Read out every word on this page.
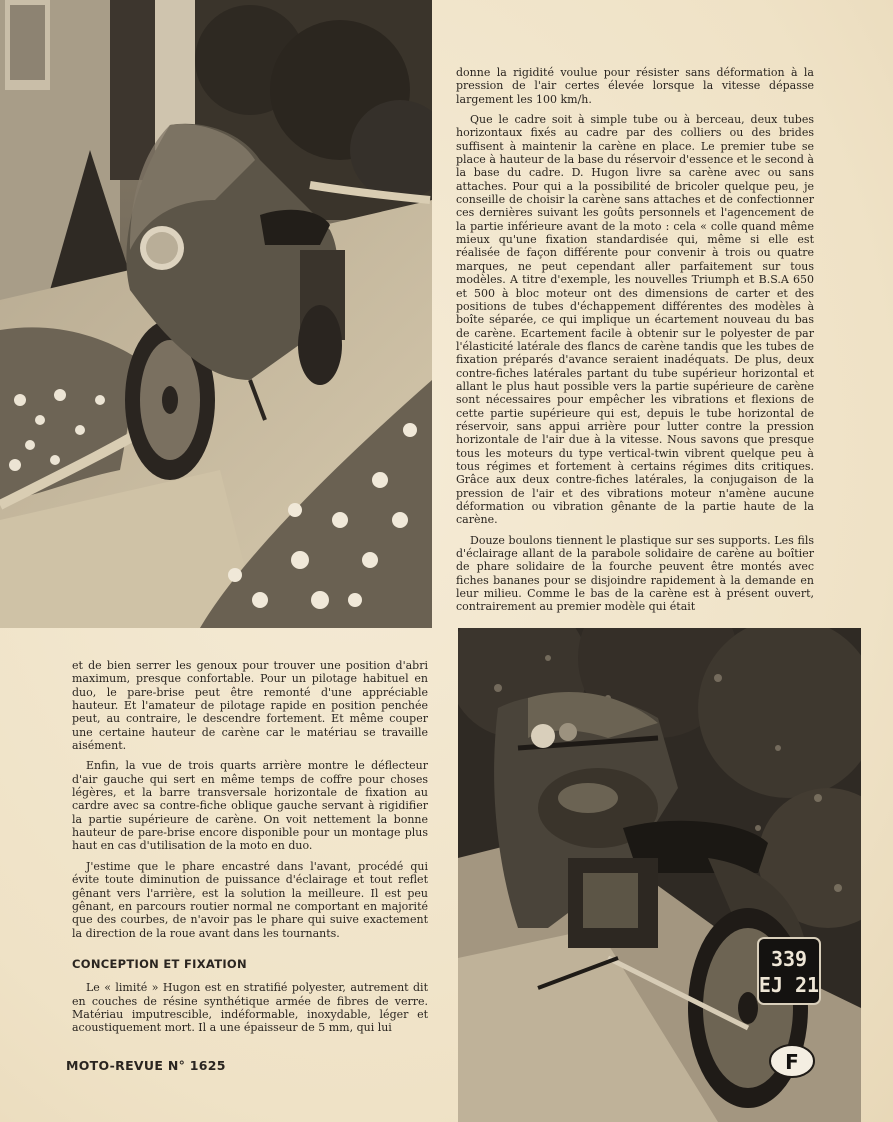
339
EJ 21
F

donne la rigidité voulue pour résister sans déformation à la pression de l'air certes élevée lorsque la vitesse dépasse largement les 100 km/h.

Que le cadre soit à simple tube ou à berceau, deux tubes horizontaux fixés au cadre par des colliers ou des brides suffisent à maintenir la carène en place. Le premier tube se place à hauteur de la base du réservoir d'essence et le second à la base du cadre. D. Hugon livre sa carène avec ou sans attaches. Pour qui a la possibilité de bricoler quelque peu, je conseille de choisir la carène sans attaches et de confectionner ces dernières suivant les goûts personnels et l'agencement de la partie inférieure avant de la moto : cela « colle quand même mieux qu'une fixation standardisée qui, même si elle est réalisée de façon différente pour convenir à trois ou quatre marques, ne peut cependant aller parfaitement sur tous modèles. A titre d'exemple, les nouvelles Triumph et B.S.A 650 et 500 à bloc moteur ont des dimensions de carter et des positions de tubes d'échappement différentes des modèles à boîte séparée, ce qui implique un écartement nouveau du bas de carène. Ecartement facile à obtenir sur le polyester de par l'élasticité latérale des flancs de carène tandis que les tubes de fixation préparés d'avance seraient inadéquats. De plus, deux contre-fiches latérales partant du tube supérieur horizontal et allant le plus haut possible vers la partie supérieure de carène sont nécessaires pour empêcher les vibrations et flexions de cette partie supérieure qui est, depuis le tube horizontal de réservoir, sans appui arrière pour lutter contre la pression horizontale de l'air due à la vitesse. Nous savons que presque tous les moteurs du type vertical-twin vibrent quelque peu à tous régimes et fortement à certains régimes dits critiques. Grâce aux deux contre-fiches latérales, la conjugaison de la pression de l'air et des vibrations moteur n'amène aucune déformation ou vibration gênante de la partie haute de la carène.

Douze boulons tiennent le plastique sur ses supports. Les fils d'éclairage allant de la parabole solidaire de carène au boîtier de phare solidaire de la fourche peuvent être montés avec fiches bananes pour se disjoindre rapidement à la demande en leur milieu. Comme le bas de la carène est à présent ouvert, contrairement au premier modèle qui était

et de bien serrer les genoux pour trouver une position d'abri maximum, presque confortable. Pour un pilotage habituel en duo, le pare-brise peut être remonté d'une appréciable hauteur. Et l'amateur de pilotage rapide en position penchée peut, au contraire, le descendre fortement. Et même couper une certaine hauteur de carène car le matériau se travaille aisément.

Enfin, la vue de trois quarts arrière montre le déflecteur d'air gauche qui sert en même temps de coffre pour choses légères, et la barre transversale horizontale de fixation au cardre avec sa contre-fiche oblique gauche servant à rigidifier la partie supérieure de carène. On voit nettement la bonne hauteur de pare-brise encore disponible pour un montage plus haut en cas d'utilisation de la moto en duo.

J'estime que le phare encastré dans l'avant, procédé qui évite toute diminution de puissance d'éclairage et tout reflet gênant vers l'arrière, est la solution la meilleure. Il est peu gênant, en parcours routier normal ne comportant en majorité que des courbes, de n'avoir pas le phare qui suive exactement la direction de la roue avant dans les tournants.

CONCEPTION ET FIXATION

Le « limité » Hugon est en stratifié polyester, autrement dit en couches de résine synthétique armée de fibres de verre. Matériau imputrescible, indéformable, inoxydable, léger et acoustiquement mort. Il a une épaisseur de 5 mm, qui lui

MOTO-REVUE N° 1625
